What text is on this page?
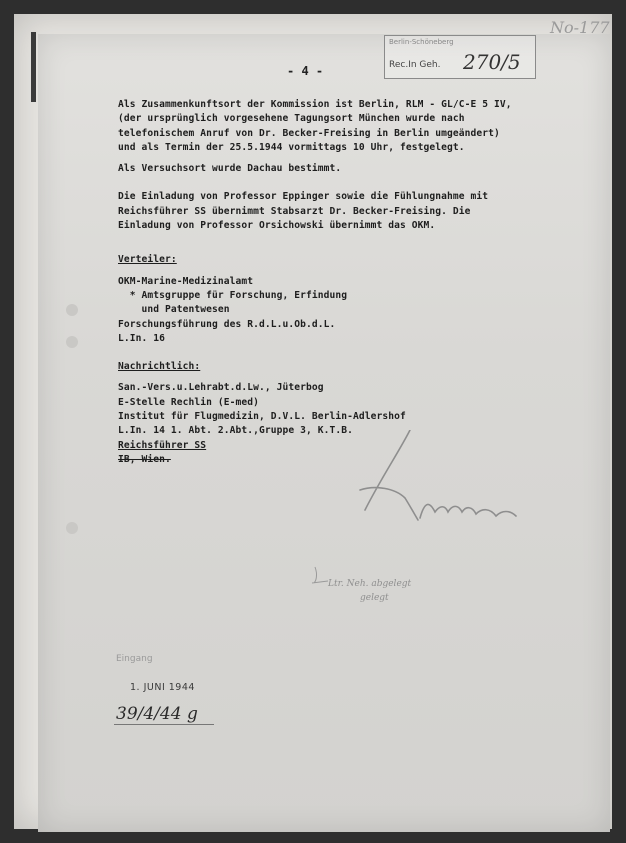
- 4 -
No-177
Berlin-Schöneberg
Rec.In Geh. 270/5
Als Zusammenkunftsort der Kommission ist Berlin, RLM - GL/C-E 5 IV,
(der ursprünglich vorgesehene Tagungsort München wurde nach
telefonischem Anruf von Dr. Becker-Freising in Berlin umgeändert)
und als Termin der 25.5.1944 vormittags 10 Uhr, festgelegt.
Als Versuchsort wurde Dachau bestimmt.
Die Einladung von Professor Eppinger sowie die Fühlungnahme mit
Reichsführer SS übernimmt Stabsarzt Dr. Becker-Freising. Die
Einladung von Professor Orsichowski übernimmt das OKM.
Verteiler:
OKM-Marine-Medizinalamt
* Amtsgruppe für Forschung, Erfindung
und Patentwesen
Forschungsführung des R.d.L.u.Ob.d.L.
L.In. 16
Nachrichtlich:
San.-Vers.u.Lehrabt.d.Lw., Jüterbog
E-Stelle Rechlin (E-med)
Institut für Flugmedizin, D.V.L. Berlin-Adlershof
L.In. 14 1. Abt. 2.Abt.,Gruppe 3, K.T.B.
Reichsführer SS
IB, Wien.
Ltr. Neh. abgelegt
gelegt
Eingang
1. JUNI 1944
39/4/44 g
